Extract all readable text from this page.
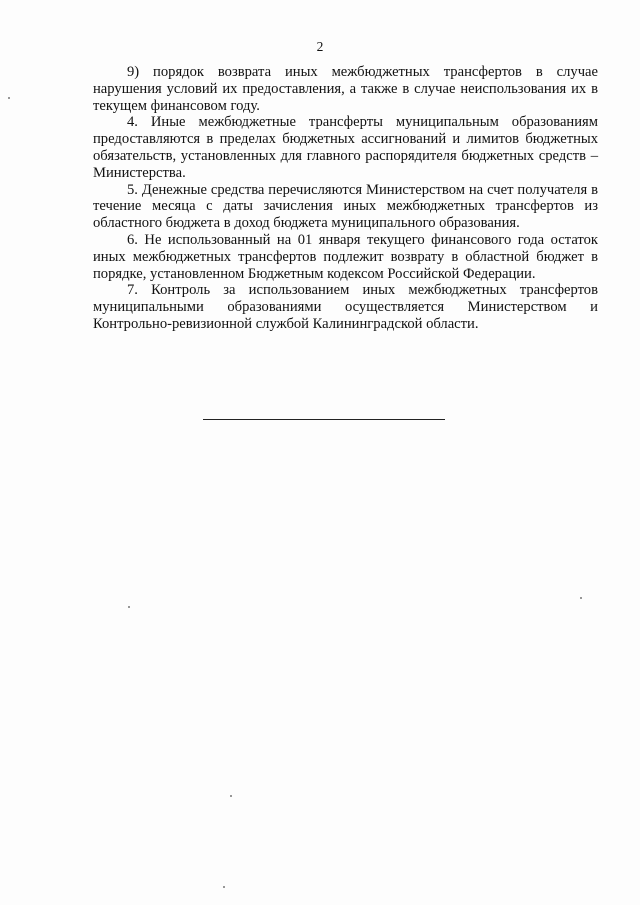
2

9) порядок возврата иных межбюджетных трансфертов в случае нарушения условий их предоставления, а также в случае неиспользования их в текущем финансовом году.

4. Иные межбюджетные трансферты муниципальным образованиям предоставляются в пределах бюджетных ассигнований и лимитов бюджетных обязательств, установленных для главного распорядителя бюджетных средств – Министерства.

5. Денежные средства перечисляются Министерством на счет получателя в течение месяца с даты зачисления иных межбюджетных трансфертов из областного бюджета в доход бюджета муниципального образования.

6. Не использованный на 01 января текущего финансового года остаток иных межбюджетных трансфертов подлежит возврату в областной бюджет в порядке, установленном Бюджетным кодексом Российской Федерации.

7. Контроль за использованием иных межбюджетных трансфертов муниципальными образованиями осуществляется Министерством и Контрольно-ревизионной службой Калининградской области.
